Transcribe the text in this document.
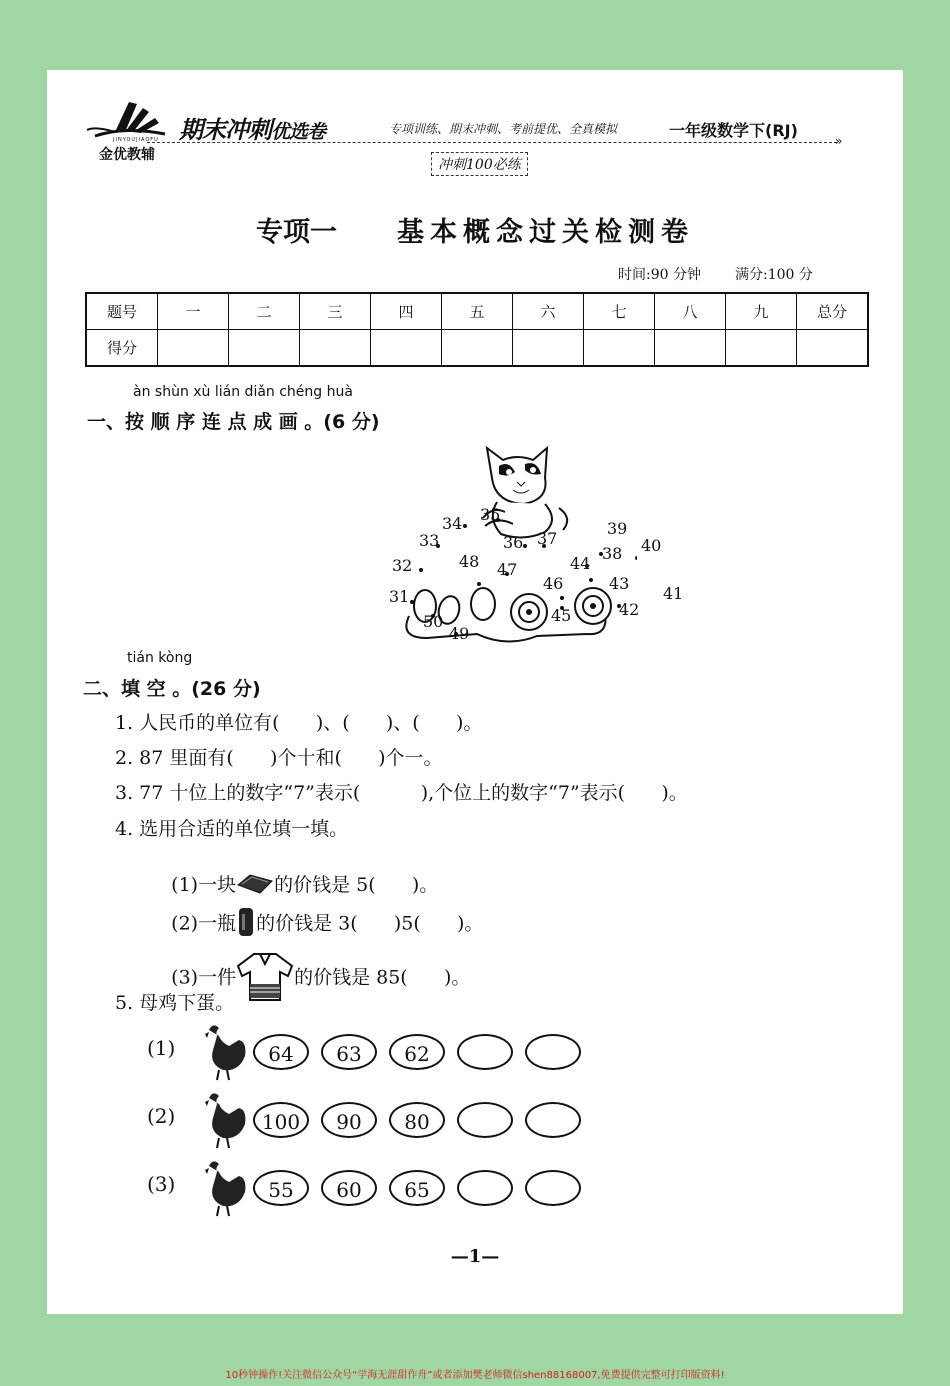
JINYOUJIAOFU
金优教辅
期末冲刺优选卷	专项训练、期末冲刺、考前提优、全真模拟	一年级数学下(RJ)
»
冲刺100必练
专项一 基本概念过关检测卷
时间:90 分钟 满分:100 分
题号	一	二	三	四	五	六	七	八	九	总分
得分										
àn shùn xù lián diǎn chéng huà
一、按 顺 序 连 点 成 画 。(6 分)
31
32
33
34 35
36 37
38
39
40
41
42
43
44
45
46
47
48
49
50
tián kòng
二、填 空 。(26 分)
1. 人民币的单位有(      )、(      )、(      )。
2. 87 里面有(      )个十和(      )个一。
3. 77 十位上的数字“7”表示(          ),个位上的数字“7”表示(      )。
4. 选用合适的单位填一填。

(1)一块 的价钱是 5(      )。

(2)一瓶 的价钱是 3(      )5(      )。

(3)一件	的价钱是 85(      )。

5. 母鸡下蛋。
(1)	64	63	62
(2)	100	90	80
(3)	55	60	65
—1—
10秒钟操作!关注微信公众号“学海无涯甜作舟”或者添加樊老师微信shen88168007,免费提供完整可打印版资料!
